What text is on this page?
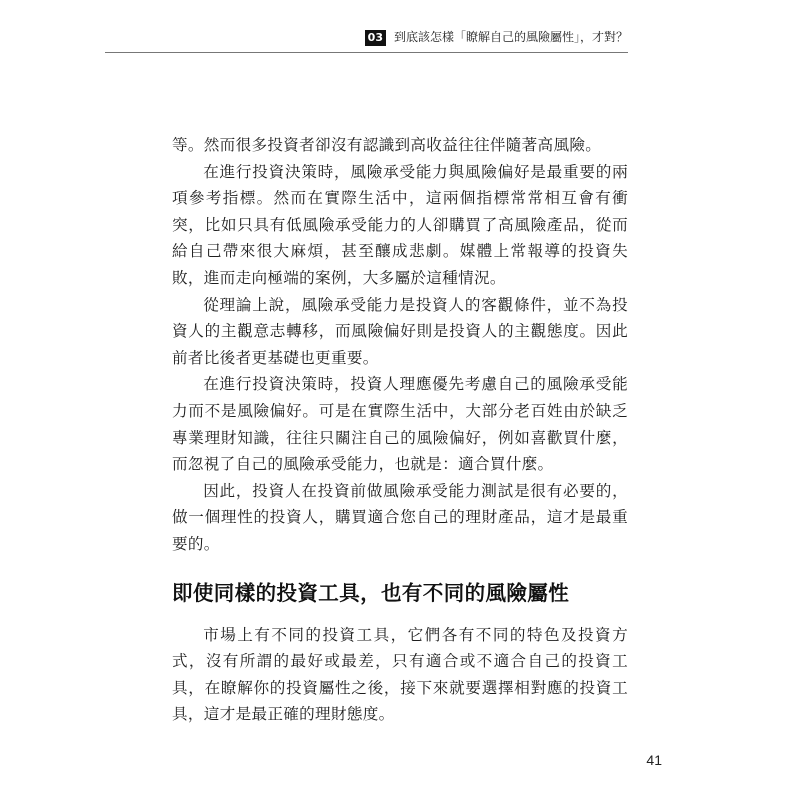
03 到底該怎樣「瞭解自己的風險屬性」，才對？

等。然而很多投資者卻沒有認識到高收益往往伴隨著高風險。

在進行投資決策時，風險承受能力與風險偏好是最重要的兩項參考指標。然而在實際生活中，這兩個指標常常相互會有衝突，比如只具有低風險承受能力的人卻購買了高風險產品，從而給自己帶來很大麻煩，甚至釀成悲劇。媒體上常報導的投資失敗，進而走向極端的案例，大多屬於這種情況。

從理論上說，風險承受能力是投資人的客觀條件，並不為投資人的主觀意志轉移，而風險偏好則是投資人的主觀態度。因此前者比後者更基礎也更重要。

在進行投資決策時，投資人理應優先考慮自己的風險承受能力而不是風險偏好。可是在實際生活中，大部分老百姓由於缺乏專業理財知識，往往只關注自己的風險偏好，例如喜歡買什麼，而忽視了自己的風險承受能力，也就是：適合買什麼。

因此，投資人在投資前做風險承受能力測試是很有必要的，做一個理性的投資人，購買適合您自己的理財產品，這才是最重要的。

即使同樣的投資工具，也有不同的風險屬性

市場上有不同的投資工具，它們各有不同的特色及投資方式，沒有所謂的最好或最差，只有適合或不適合自己的投資工具，在瞭解你的投資屬性之後，接下來就要選擇相對應的投資工具，這才是最正確的理財態度。

41
